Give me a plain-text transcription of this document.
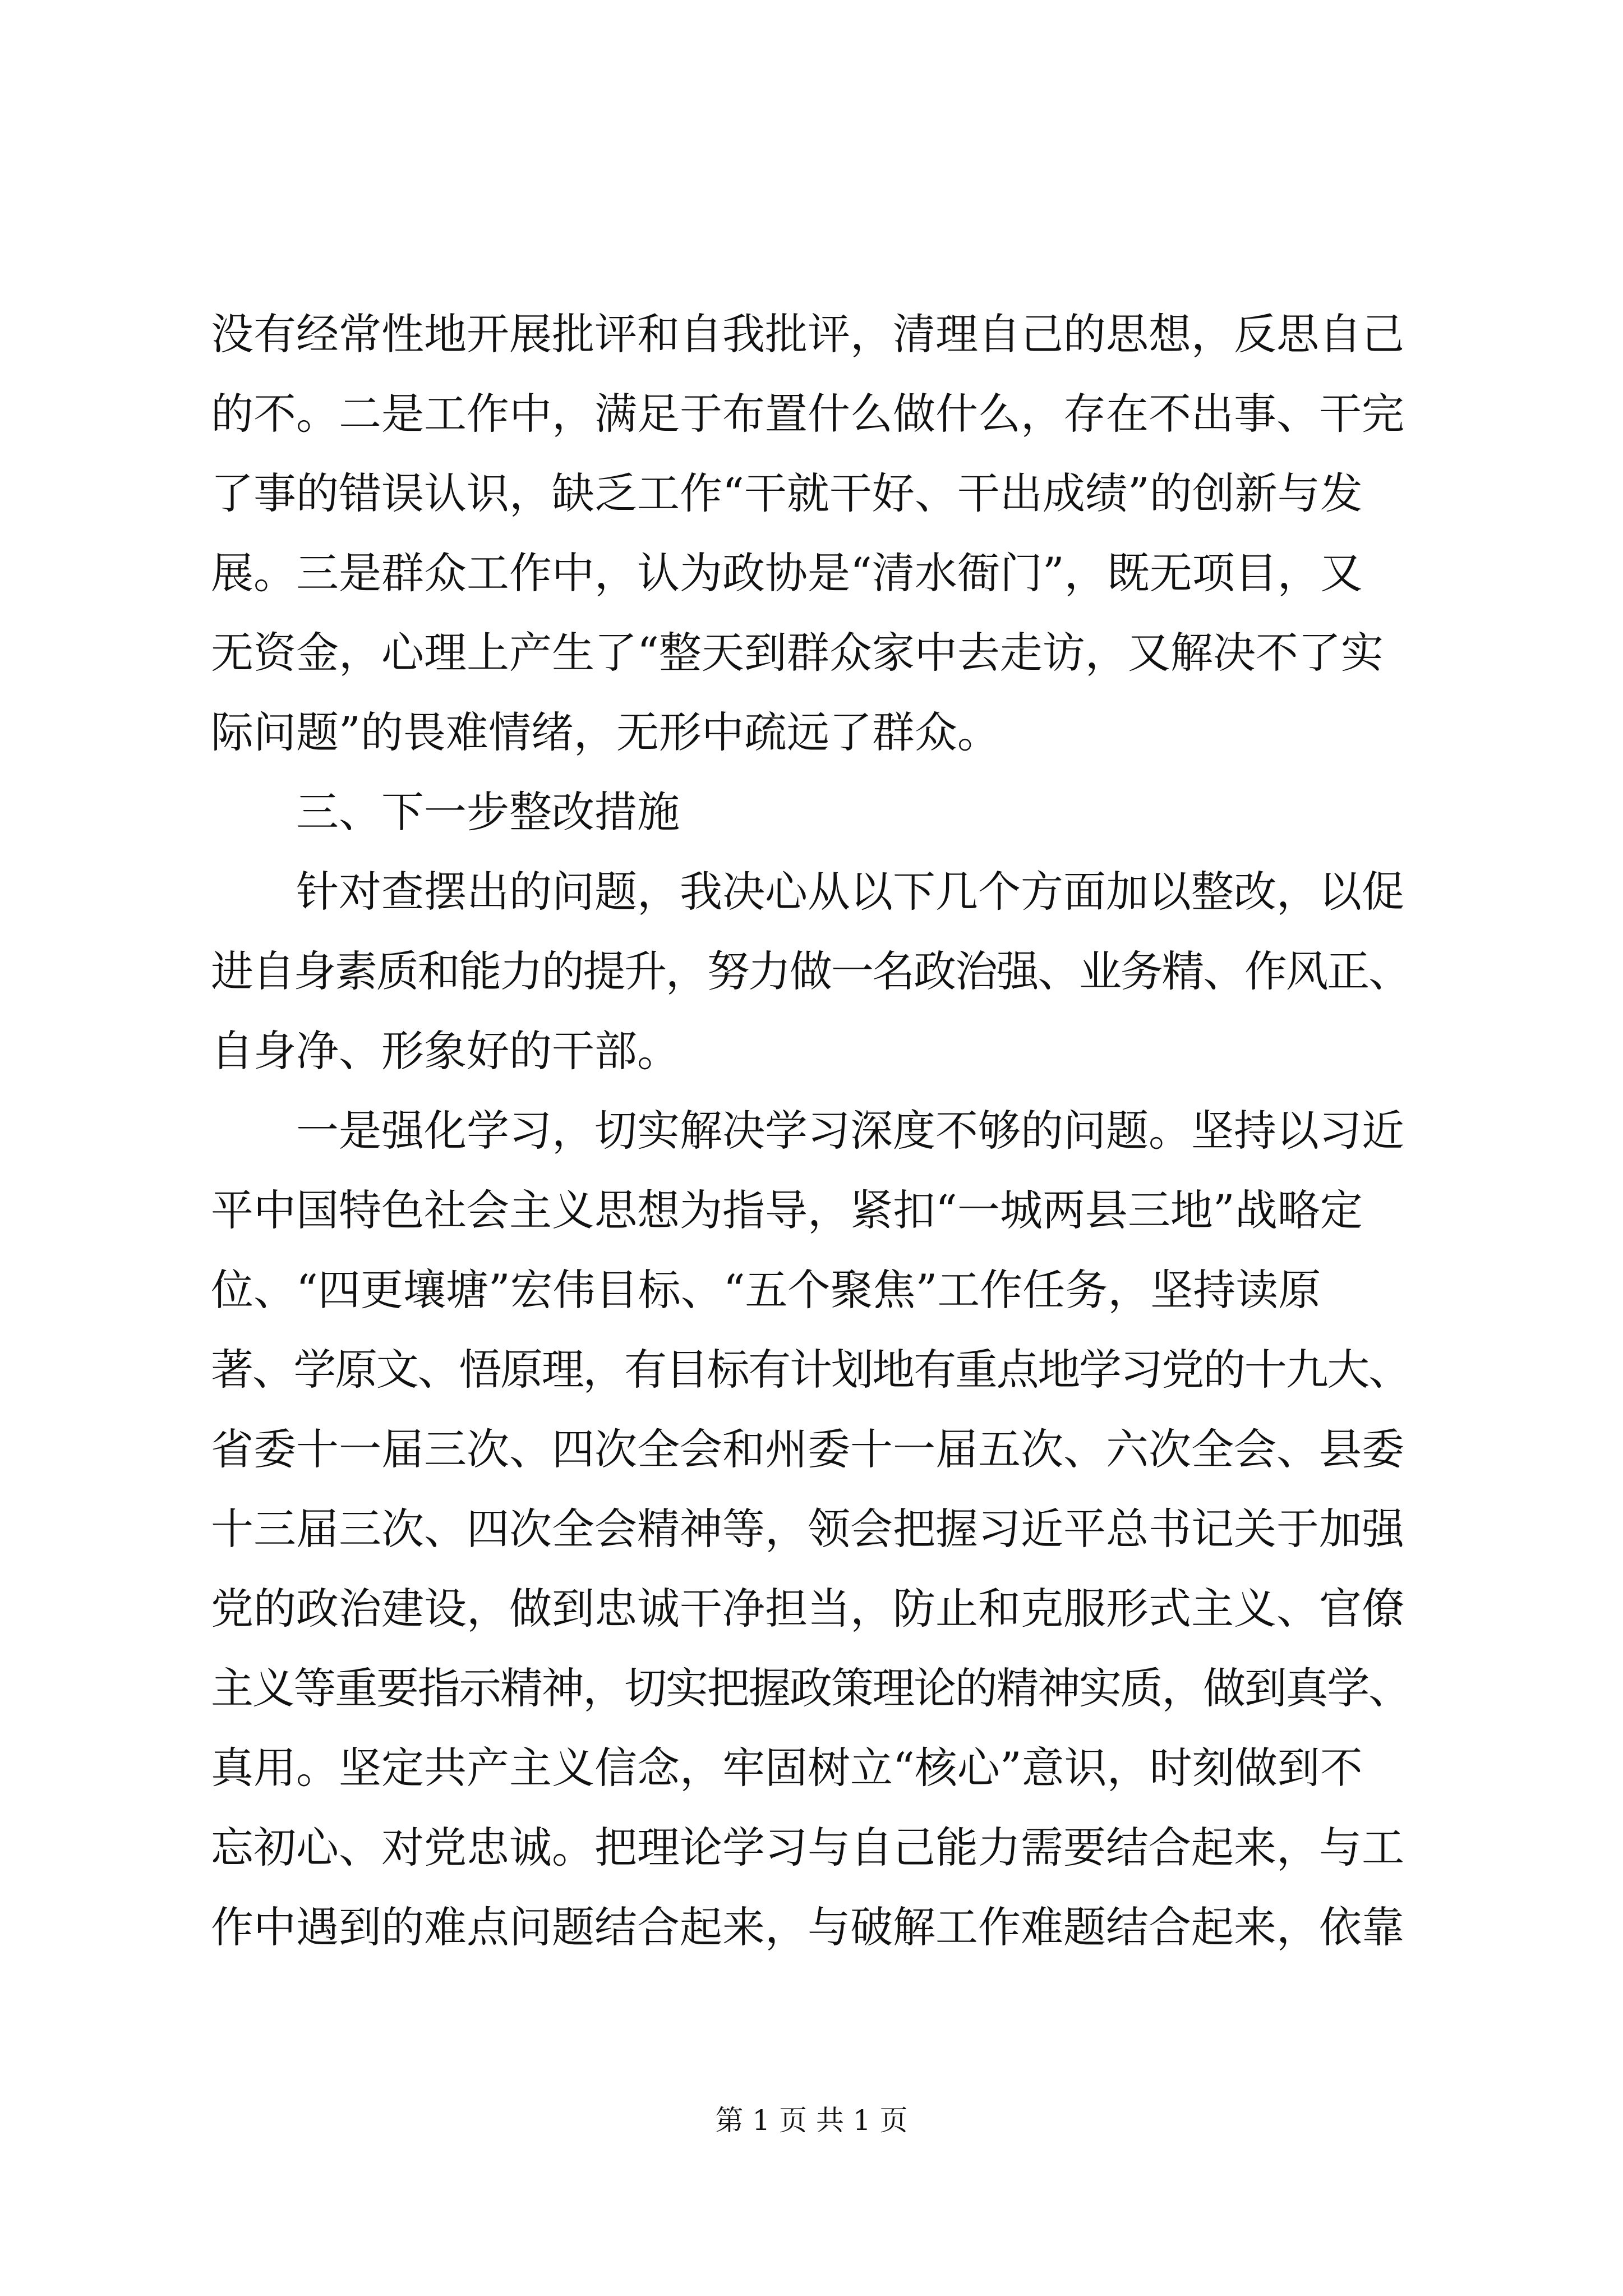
没有经常性地开展批评和自我批评，清理自己的思想，反思自己
的不。二是工作中，满足于布置什么做什么，存在不出事、干完
了事的错误认识，缺乏工作“干就干好、干出成绩”的创新与发
展。三是群众工作中，认为政协是“清水衙门”，既无项目，又
无资金，心理上产生了“整天到群众家中去走访，又解决不了实
际问题”的畏难情绪，无形中疏远了群众。
　　三、下一步整改措施
　　针对查摆出的问题，我决心从以下几个方面加以整改，以促
进自身素质和能力的提升，努力做一名政治强、业务精、作风正、
自身净、形象好的干部。
　　一是强化学习，切实解决学习深度不够的问题。坚持以习近
平中国特色社会主义思想为指导，紧扣“一城两县三地”战略定
位、“四更壤塘”宏伟目标、“五个聚焦”工作任务，坚持读原
著、学原文、悟原理，有目标有计划地有重点地学习党的十九大、
省委十一届三次、四次全会和州委十一届五次、六次全会、县委
十三届三次、四次全会精神等，领会把握习近平总书记关于加强
党的政治建设，做到忠诚干净担当，防止和克服形式主义、官僚
主义等重要指示精神，切实把握政策理论的精神实质，做到真学、
真用。坚定共产主义信念，牢固树立“核心”意识，时刻做到不
忘初心、对党忠诚。把理论学习与自己能力需要结合起来，与工
作中遇到的难点问题结合起来，与破解工作难题结合起来，依靠
第 1 页 共 1 页
